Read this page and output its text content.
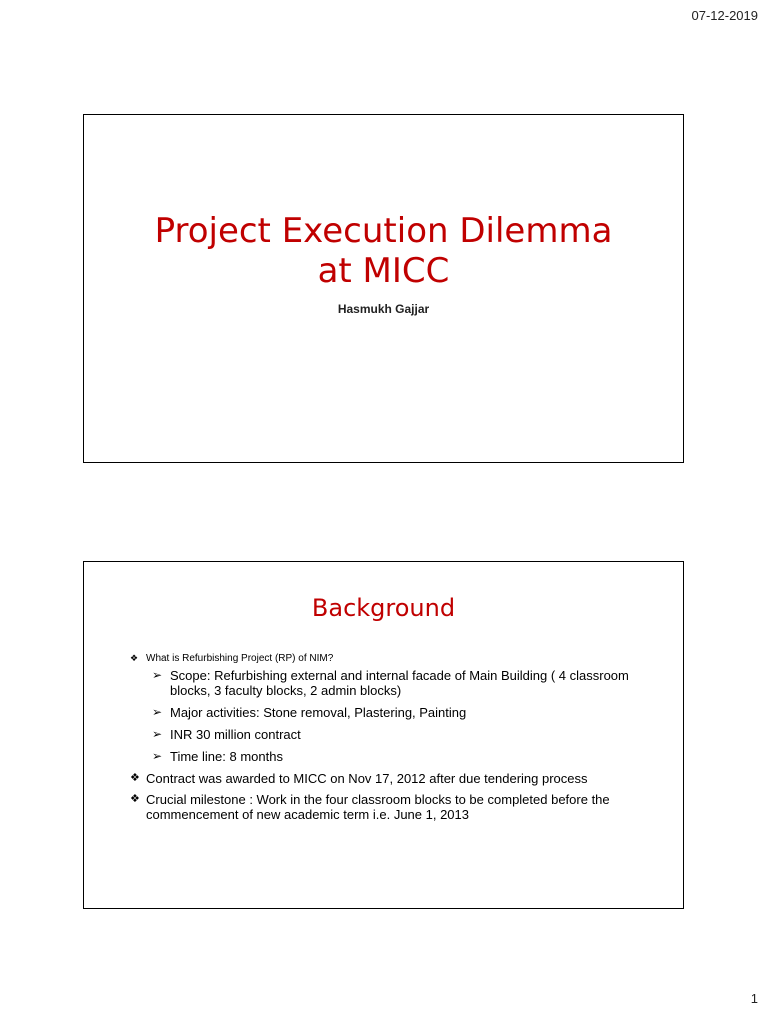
07-12-2019
Project Execution Dilemma
at MICC
Hasmukh Gajjar
Background
❖ What is Refurbishing Project (RP) of NIM?
➢ Scope: Refurbishing external and internal facade of Main Building ( 4 classroom blocks, 3 faculty blocks, 2 admin blocks)
➢ Major activities: Stone removal, Plastering, Painting
➢ INR 30 million contract
➢ Time line: 8 months
❖ Contract was awarded to MICC on Nov 17, 2012 after due tendering process
❖ Crucial milestone : Work in the four classroom blocks to be completed before the commencement of new academic term i.e. June 1, 2013
1
